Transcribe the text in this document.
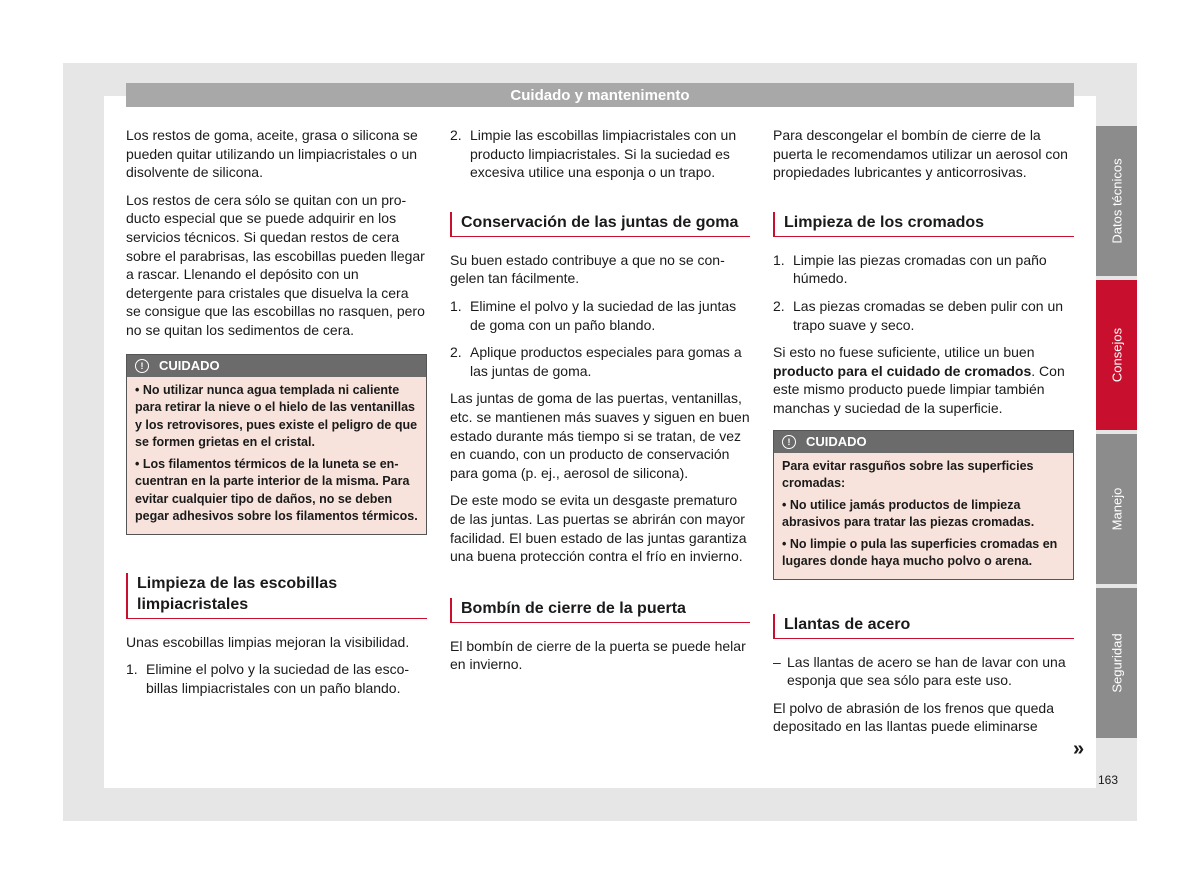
Cuidado y mantenimento

Los restos de goma, aceite, grasa o silicona se pueden quitar utilizando un limpiacristales o un disolvente de silicona.

Los restos de cera sólo se quitan con un producto especial que se puede adquirir en los servicios técnicos. Si quedan restos de cera sobre el parabrisas, las escobillas pueden llegar a rascar. Llenando el depósito con un detergente para cristales que disuelva la cera se consigue que las escobillas no rasquen, pero no se quitan los sedimentos de cera.

!	CUIDADO

• No utilizar nunca agua templada ni caliente para retirar la nieve o el hielo de las ventanillas y los retrovisores, pues existe el peligro de que se formen grietas en el cristal.

• Los filamentos térmicos de la luneta se encuentran en la parte interior de la misma. Para evitar cualquier tipo de daños, no se deben pegar adhesivos sobre los filamentos térmicos.

Limpieza de las escobillas limpiacristales

Unas escobillas limpias mejoran la visibilidad.

1. Elimine el polvo y la suciedad de las escobillas limpiacristales con un paño blando.
2. Limpie las escobillas limpiacristales con un producto limpiacristales. Si la suciedad es excesiva utilice una esponja o un trapo.
Conservación de las juntas de goma

Su buen estado contribuye a que no se congelen tan fácilmente.

1. Elimine el polvo y la suciedad de las juntas de goma con un paño blando.
2. Aplique productos especiales para gomas a las juntas de goma.

Las juntas de goma de las puertas, ventanillas, etc. se mantienen más suaves y siguen en buen estado durante más tiempo si se tratan, de vez en cuando, con un producto de conservación para goma (p. ej., aerosol de silicona).

De este modo se evita un desgaste prematuro de las juntas. Las puertas se abrirán con mayor facilidad. El buen estado de las juntas garantiza una buena protección contra el frío en invierno.

Bombín de cierre de la puerta

El bombín de cierre de la puerta se puede helar en invierno.

Para descongelar el bombín de cierre de la puerta le recomendamos utilizar un aerosol con propiedades lubricantes y anticorrosivas.

Limpieza de los cromados
1. Limpie las piezas cromadas con un paño húmedo.
2. Las piezas cromadas se deben pulir con un trapo suave y seco.

Si esto no fuese suficiente, utilice un buen producto para el cuidado de cromados. Con este mismo producto puede limpiar también manchas y suciedad de la superficie.

!	CUIDADO

Para evitar rasguños sobre las superficies cromadas:

• No utilice jamás productos de limpieza abrasivos para tratar las piezas cromadas.

• No limpie o pula las superficies cromadas en lugares donde haya mucho polvo o arena.

Llantas de acero
– Las llantas de acero se han de lavar con una esponja que sea sólo para este uso.

El polvo de abrasión de los frenos que queda depositado en las llantas puede eliminarse

»
Datos técnicos
Consejos
Manejo
Seguridad
163
